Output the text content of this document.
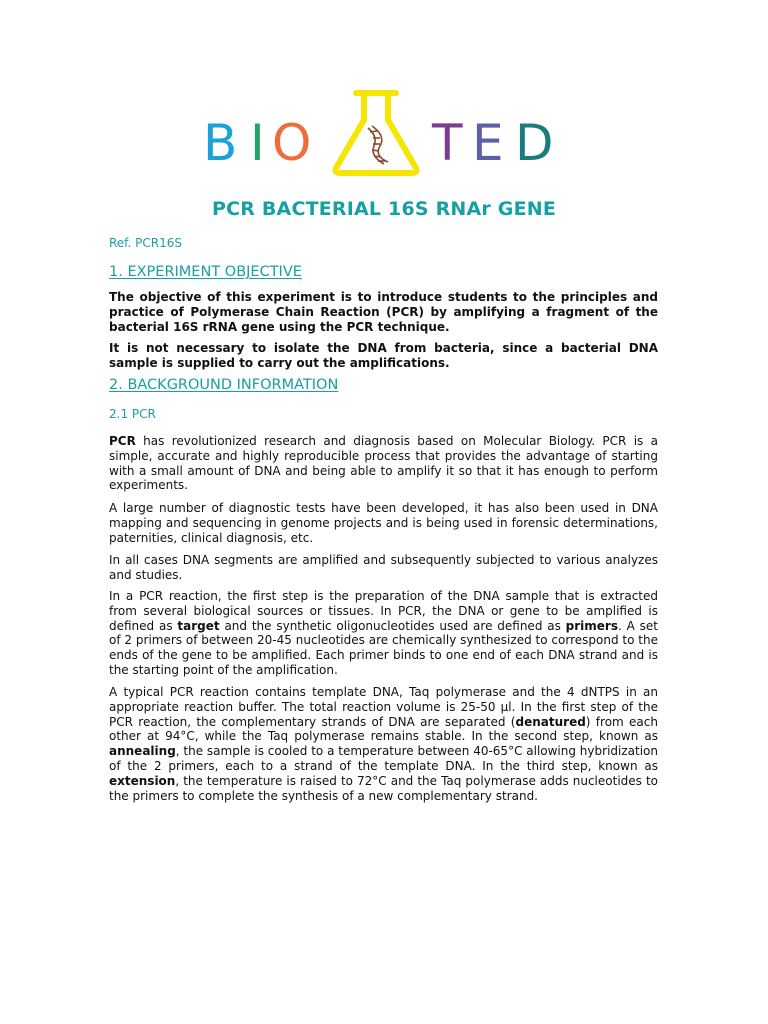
B I O T E D
PCR BACTERIAL 16S RNAr GENE
Ref. PCR16S
1. EXPERIMENT OBJECTIVE
The objective of this experiment is to introduce students to the principles and practice of Polymerase Chain Reaction (PCR) by amplifying a fragment of the bacterial 16S rRNA gene using the PCR technique.
It is not necessary to isolate the DNA from bacteria, since a bacterial DNA sample is supplied to carry out the amplifications.
2. BACKGROUND INFORMATION
2.1 PCR
PCR has revolutionized research and diagnosis based on Molecular Biology. PCR is a simple, accurate and highly reproducible process that provides the advantage of starting with a small amount of DNA and being able to amplify it so that it has enough to perform experiments.
A large number of diagnostic tests have been developed, it has also been used in DNA mapping and sequencing in genome projects and is being used in forensic determinations, paternities, clinical diagnosis, etc.
In all cases DNA segments are amplified and subsequently subjected to various analyzes and studies.
In a PCR reaction, the first step is the preparation of the DNA sample that is extracted from several biological sources or tissues. In PCR, the DNA or gene to be amplified is defined as target and the synthetic oligonucleotides used are defined as primers. A set of 2 primers of between 20-45 nucleotides are chemically synthesized to correspond to the ends of the gene to be amplified. Each primer binds to one end of each DNA strand and is the starting point of the amplification.
A typical PCR reaction contains template DNA, Taq polymerase and the 4 dNTPS in an appropriate reaction buffer. The total reaction volume is 25-50 µl. In the first step of the PCR reaction, the complementary strands of DNA are separated (denatured) from each other at 94°C, while the Taq polymerase remains stable. In the second step, known as annealing, the sample is cooled to a temperature between 40-65°C allowing hybridization of the 2 primers, each to a strand of the template DNA. In the third step, known as extension, the temperature is raised to 72°C and the Taq polymerase adds nucleotides to the primers to complete the synthesis of a new complementary strand.
